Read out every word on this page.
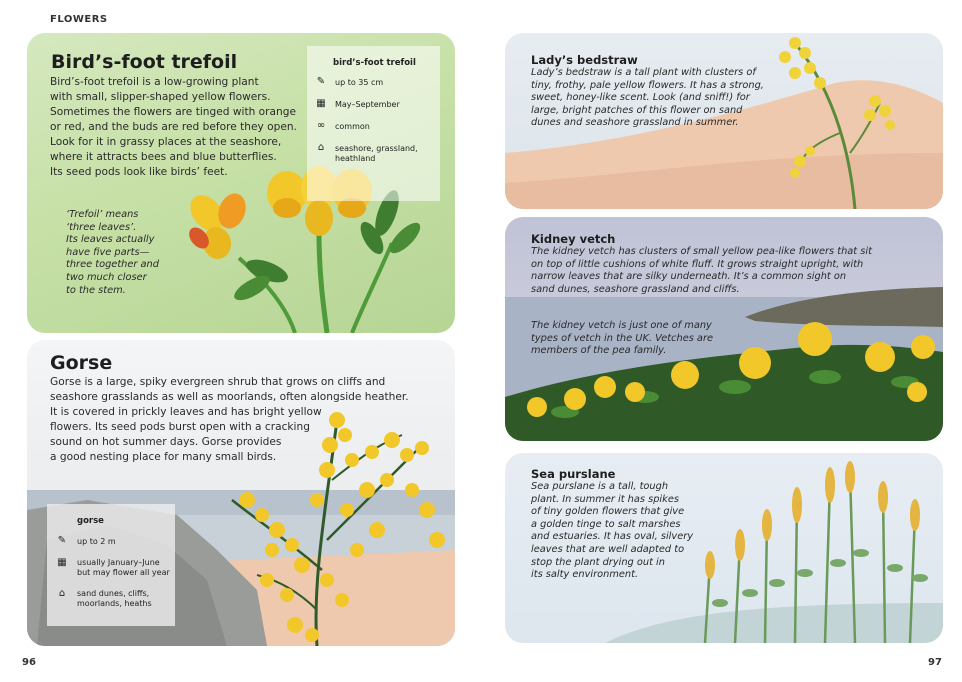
FLOWERS
96	97
Bird’s-foot trefoil
Bird’s-foot trefoil is a low-growing plant
with small, slipper-shaped yellow flowers.
Sometimes the flowers are tinged with orange
or red, and the buds are red before they open.
Look for it in grassy places at the seashore,
where it attracts bees and blue butterflies.
Its seed pods look like birds’ feet.
‘Trefoil’ means
‘three leaves’.
Its leaves actually
have five parts—
three together and
two much closer
to the stem.
bird’s-foot trefoil
✎ up to 35 cm
▦ May–September
∞ common
⌂	seashore, grassland,
heathland
Gorse
Gorse is a large, spiky evergreen shrub that grows on cliffs and
seashore grasslands as well as moorlands, often alongside heather.
It is covered in prickly leaves and has bright yellow
flowers. Its seed pods burst open with a cracking
sound on hot summer days. Gorse provides
a good nesting place for many small birds.
gorse
✎ up to 2 m
▦ usually January–June
but may flower all year
⌂	sand dunes, cliffs,
moorlands, heaths
Lady’s bedstraw
Lady’s bedstraw is a tall plant with clusters of
tiny, frothy, pale yellow flowers. It has a strong,
sweet, honey-like scent. Look (and sniff!) for
large, bright patches of this flower on sand
dunes and seashore grassland in summer.
Kidney vetch
The kidney vetch has clusters of small yellow pea-like flowers that sit
on top of little cushions of white fluff. It grows straight upright, with
narrow leaves that are silky underneath. It’s a common sight on
sand dunes, seashore grassland and cliffs.
The kidney vetch is just one of many
types of vetch in the UK. Vetches are
members of the pea family.
Sea purslane
Sea purslane is a tall, tough
plant. In summer it has spikes
of tiny golden flowers that give
a golden tinge to salt marshes
and estuaries. It has oval, silvery
leaves that are well adapted to
stop the plant drying out in
its salty environment.
